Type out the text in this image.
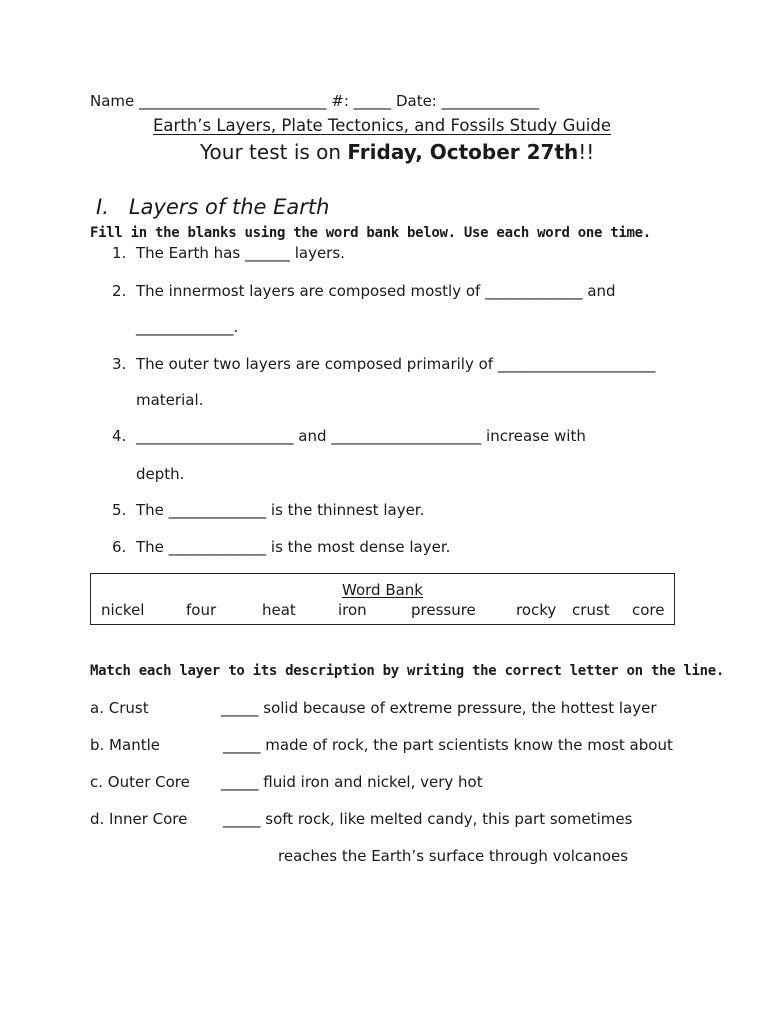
Name _________________________ #: _____ Date: _____________
Earth’s Layers, Plate Tectonics, and Fossils Study Guide
Your test is on Friday, October 27th!!
I.   Layers of the Earth
Fill in the blanks using the word bank below. Use each word one time.
1. The Earth has ______ layers.
2. The innermost layers are composed mostly of _____________ and
_____________.
3. The outer two layers are composed primarily of _____________________
material.
4. _____________________ and ____________________ increase with
depth.
5. The _____________ is the thinnest layer.
6. The _____________ is the most dense layer.
Word Bank
nickel	four	heat	iron	pressure	rocky crust core
Match each layer to its description by writing the correct letter on the line.
a. Crust	_____ solid because of extreme pressure, the hottest layer
b. Mantle	_____ made of rock, the part scientists know the most about
c. Outer Core _____ fluid iron and nickel, very hot
d. Inner Core _____ soft rock, like melted candy, this part sometimes
reaches the Earth’s surface through volcanoes
